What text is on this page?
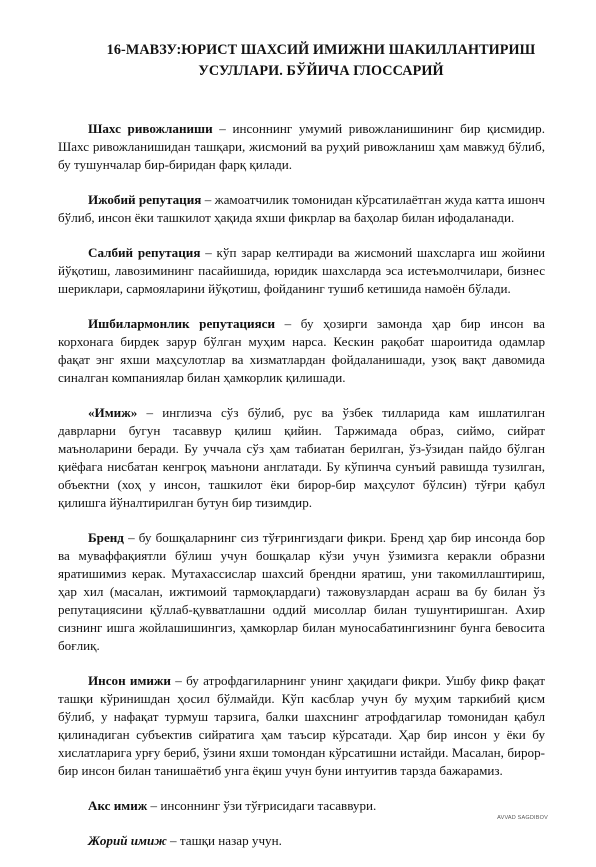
16-МАВЗУ:ЮРИСТ ШАХСИЙ ИМИЖНИ ШАКИЛЛАНТИРИШ
УСУЛЛАРИ. БЎЙИЧА ГЛОССАРИЙ

Шахс ривожланиши – инсоннинг умумий ривожланишининг бир қисмидир. Шахс ривожланишидан ташқари, жисмоний ва руҳий ривожланиш ҳам мавжуд бўлиб, бу тушунчалар бир-биридан фарқ қилади.

Ижобий репутация – жамоатчилик томонидан кўрсатилаётган жуда катта ишонч бўлиб, инсон ёки ташкилот ҳақида яхши фикрлар ва баҳолар билан ифодаланади.

Салбий репутация – кўп зарар келтиради ва жисмоний шахсларга иш жойини йўқотиш, лавозимининг пасайишида, юридик шахсларда эса истеъмолчилари, бизнес шериклари, сармояларини йўқотиш, фойданинг тушиб кетишида намоён бўлади.

Ишбилармонлик репутацияси – бу ҳозирги замонда ҳар бир инсон ва корхонага бирдек зарур бўлган муҳим нарса. Кескин рақобат шароитида одамлар фақат энг яхши маҳсулотлар ва хизматлардан фойдаланишади, узоқ вақт давомида синалган компаниялар билан ҳамкорлик қилишади.

«Имиж» – инглизча сўз бўлиб, рус ва ўзбек тилларида кам ишлатилган даврларни бугун тасаввур қилиш қийин. Таржимада образ, сиймо, сийрат маъноларини беради. Бу уччала сўз ҳам табиатан берилган, ўз-ўзидан пайдо бўлган қиёфага нисбатан кенгроқ маънони англатади. Бу кўпинча сунъий равишда тузилган, объектни (хоҳ у инсон, ташкилот ёки бирор-бир маҳсулот бўлсин) тўғри қабул қилишга йўналтирилган бутун бир тизимдир.

Бренд – бу бошқаларнинг сиз тўғрингиздаги фикри. Бренд ҳар бир инсонда бор ва муваффақиятли бўлиш учун бошқалар кўзи учун ўзимизга керакли образни яратишимиз керак. Мутахассислар шахсий брендни яратиш, уни такомиллаштириш, ҳар хил (масалан, ижтимоий тармоқлардаги) тажовузлардан асраш ва бу билан ўз репутациясини қўллаб-қувватлашни оддий мисоллар билан тушунтиришган. Ахир сизнинг ишга жойлашишингиз, ҳамкорлар билан муносабатингизнинг бунга бевосита боғлиқ.

Инсон имижи – бу атрофдагиларнинг унинг ҳақидаги фикри. Ушбу фикр фақат ташқи кўринишдан ҳосил бўлмайди. Кўп касблар учун бу муҳим таркибий қисм бўлиб, у нафақат турмуш тарзига, балки шахснинг атрофдагилар томонидан қабул қилинадиган субъектив сийратига ҳам таъсир кўрсатади. Ҳар бир инсон у ёки бу хислатларига урғу бериб, ўзини яхши томондан кўрсатишни истайди. Масалан, бирор-бир инсон билан танишаётиб унга ёқиш учун буни интуитив тарзда бажарамиз.

Акс имиж – инсоннинг ўзи тўғрисидаги тасаввури.

Жорий имиж – ташқи назар учун.

AVVAD SAGDIBOV
